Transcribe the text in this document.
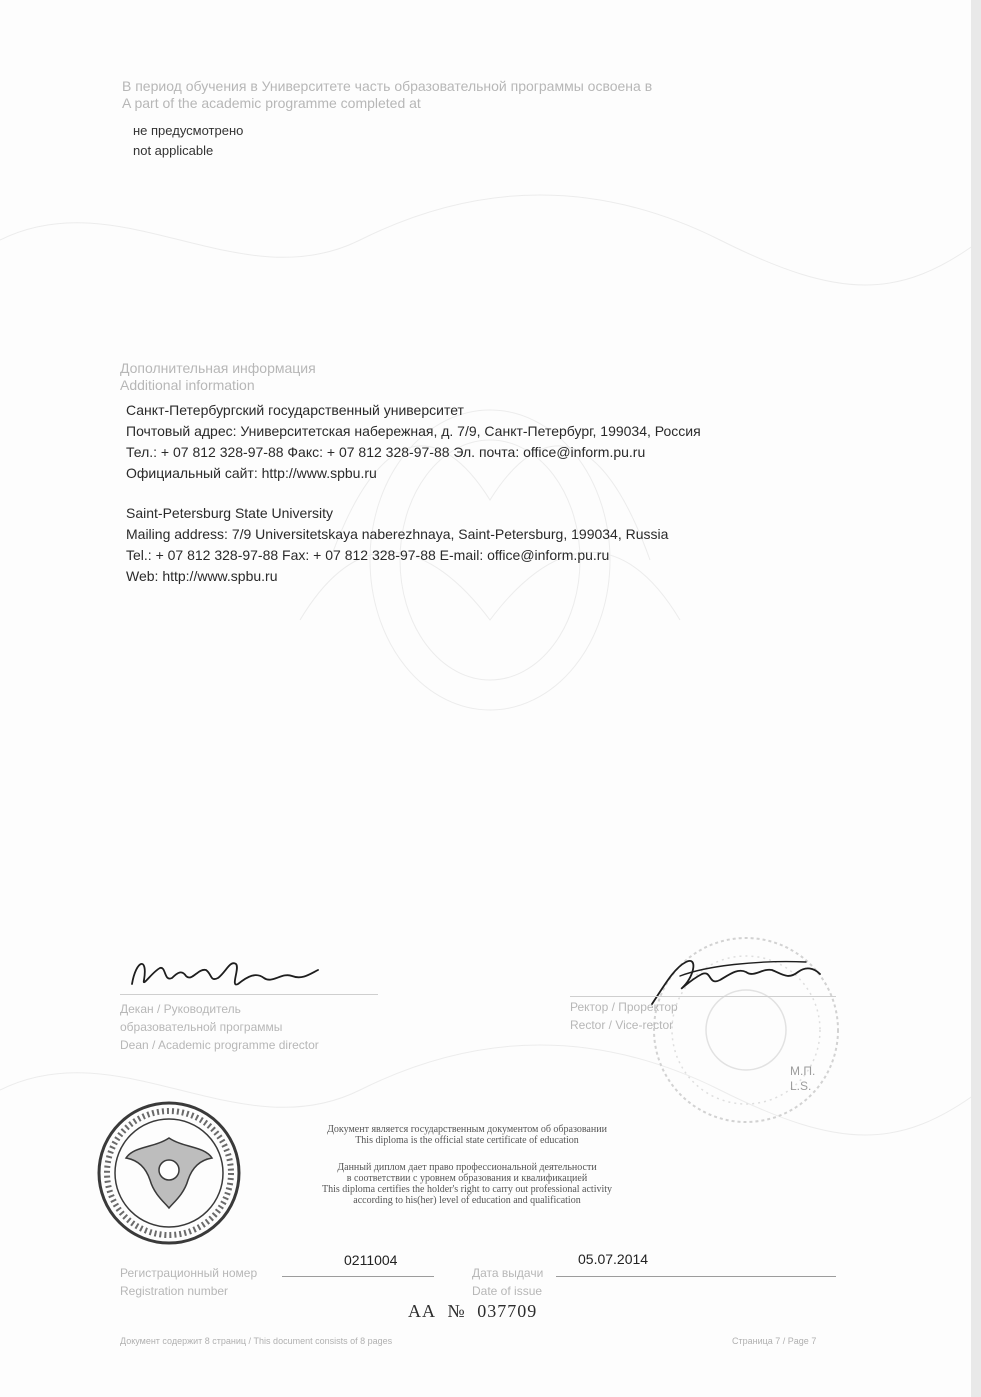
В период обучения в Университете часть образовательной программы освоена в
A part of the academic programme completed at
не предусмотрено
not applicable
Дополнительная информация
Additional information
Санкт-Петербургский государственный университет
Почтовый адрес: Университетская набережная, д. 7/9, Санкт-Петербург, 199034, Россия
Тел.: + 07 812 328-97-88 Факс: + 07 812 328-97-88 Эл. почта: office@inform.pu.ru
Официальный сайт: http://www.spbu.ru
Saint-Petersburg State University
Mailing address: 7/9 Universitetskaya naberezhnaya, Saint-Petersburg, 199034, Russia
Tel.: + 07 812 328-97-88 Fax: + 07 812 328-97-88 E-mail: office@inform.pu.ru
Web: http://www.spbu.ru
Декан / Руководитель
образовательной программы
Dean / Academic programme director
Ректор / Проректор
Rector / Vice-rector
М.П.
L.S.
Документ является государственным документом об образовании
This diploma is the official state certificate of education
Данный диплом дает право профессиональной деятельности
в соответствии с уровнем образования и квалификацией
This diploma certifies the holder's right to carry out professional activity
according to his(her) level of education and qualification
0211004
Регистрационный номер
Registration number
05.07.2014
Дата выдачи
Date of issue
АА № 037709
Документ содержит 8 страниц / This document consists of 8 pages	Страница 7 / Page 7
